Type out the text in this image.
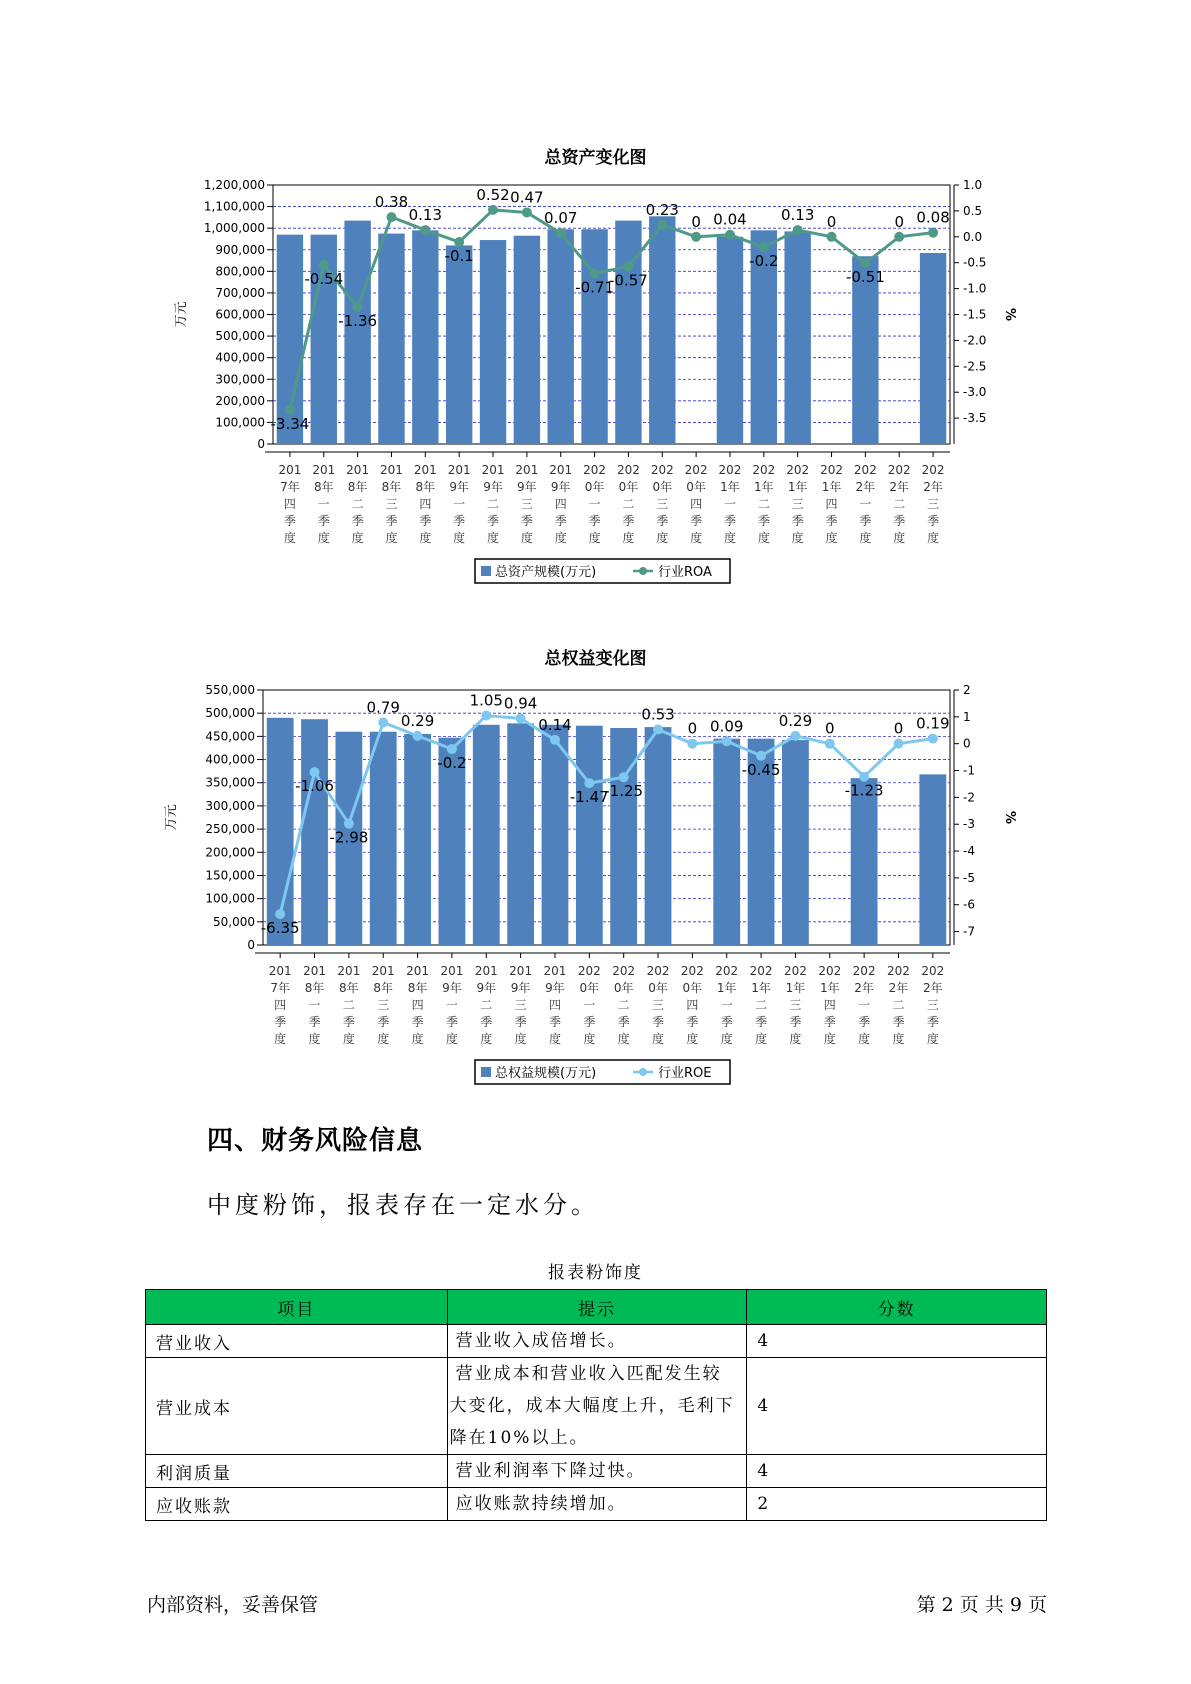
总资产变化图
1,200,000
1,100,000
1,000,000
900,000
800,000
700,000
600,000
500,000
400,000
300,000
200,000
100,000
0
万元
1.0
0.5
0.0
-0.5
-1.0
-1.5
-2.0
-2.5
-3.0
-3.5
%
-3.34
-0.54
-1.36
0.38
0.13
-0.1
0.52 0.47
0.07
-0.71
-0.57
0.23
0 0.04
-0.2
0.13 0
-0.51
0 0.08
201
7年
四
季
度
201
8年
一
季
度
201
8年
二
季
度
201
8年
三
季
度
201
8年
四
季
度
201
9年
一
季
度
201
9年
二
季
度
201
9年
三
季
度
201
9年
四
季
度
202
0年
一
季
度
202
0年
二
季
度
202
0年
三
季
度
202
0年
四
季
度
202
1年
一
季
度
202
1年
二
季
度
202
1年
三
季
度
202
1年
四
季
度
202
2年
一
季
度
202
2年
二
季
度
202
2年
三
季
度
总资产规模(万元)	行业ROA
总权益变化图
550,000
500,000
450,000
400,000
350,000
300,000
250,000
200,000
150,000
100,000
50,000
0
万元
2
1
0
-1
-2
-3
-4
-5
-6
-7
%
-6.35
-1.06
-2.98
0.79
0.29
-0.2
1.05 0.94
0.14
-1.47
-1.25
0.53
0 0.09
-0.45
0.29 0
-1.23
0 0.19
201
7年
四
季
度
201
8年
一
季
度
201
8年
二
季
度
201
8年
三
季
度
201
8年
四
季
度
201
9年
一
季
度
201
9年
二
季
度
201
9年
三
季
度
201
9年
四
季
度
202
0年
一
季
度
202
0年
二
季
度
202
0年
三
季
度
202
0年
四
季
度
202
1年
一
季
度
202
1年
二
季
度
202
1年
三
季
度
202
1年
四
季
度
202
2年
一
季
度
202
2年
二
季
度
202
2年
三
季
度
总权益规模(万元)	行业ROE
四、财务风险信息
中度粉饰，报表存在一定水分。
报表粉饰度
项目	提示	分数
营业收入	营业收入成倍增长。	4
营业成本	营业成本和营业收入匹配发生较
大变化，成本大幅度上升，毛利下
降在10%以上。	4
利润质量	营业利润率下降过快。	4
应收账款	应收账款持续增加。	2
内部资料，妥善保管	第 2 页 共 9 页
